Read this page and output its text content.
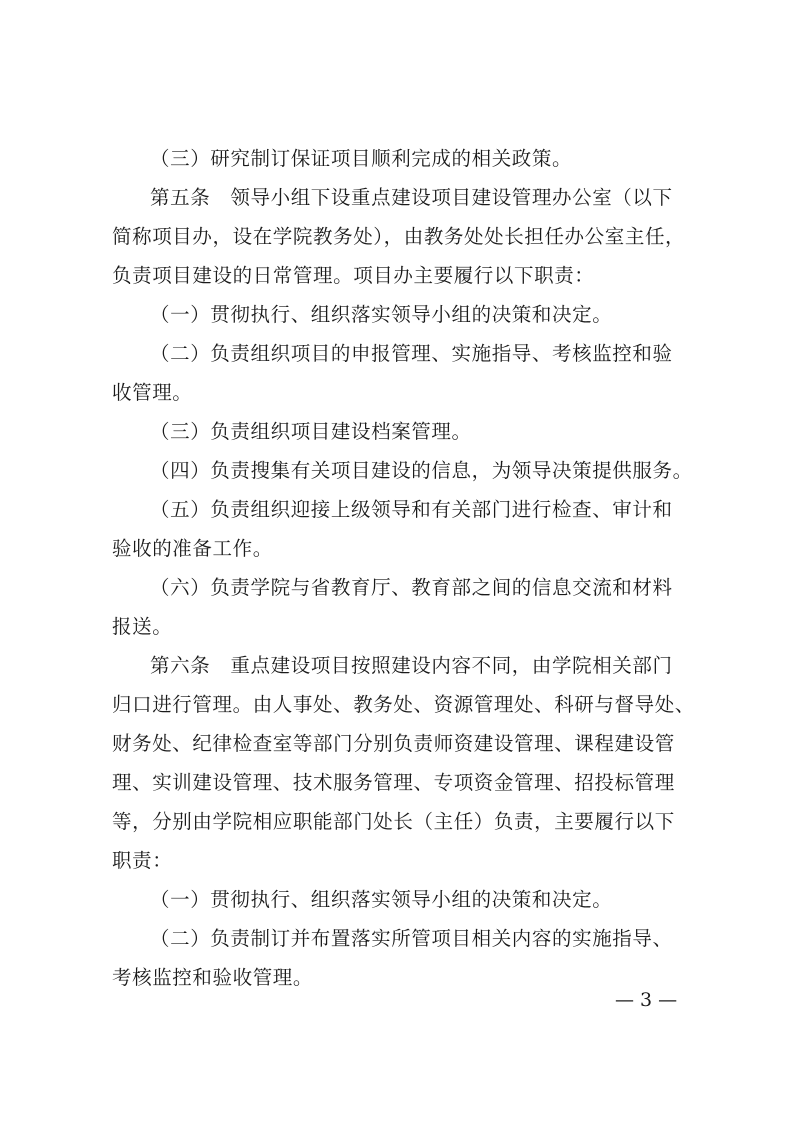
（三）研究制订保证项目顺利完成的相关政策。
第五条　领导小组下设重点建设项目建设管理办公室（以下
简称项目办，设在学院教务处），由教务处处长担任办公室主任，
负责项目建设的日常管理。项目办主要履行以下职责：
（一）贯彻执行、组织落实领导小组的决策和决定。
（二）负责组织项目的申报管理、实施指导、考核监控和验
收管理。
（三）负责组织项目建设档案管理。
（四）负责搜集有关项目建设的信息，为领导决策提供服务。
（五）负责组织迎接上级领导和有关部门进行检查、审计和
验收的准备工作。
（六）负责学院与省教育厅、教育部之间的信息交流和材料
报送。
第六条　重点建设项目按照建设内容不同，由学院相关部门
归口进行管理。由人事处、教务处、资源管理处、科研与督导处、
财务处、纪律检查室等部门分别负责师资建设管理、课程建设管
理、实训建设管理、技术服务管理、专项资金管理、招投标管理
等，分别由学院相应职能部门处长（主任）负责，主要履行以下
职责：
（一）贯彻执行、组织落实领导小组的决策和决定。
（二）负责制订并布置落实所管项目相关内容的实施指导、
考核监控和验收管理。
— 3 —
